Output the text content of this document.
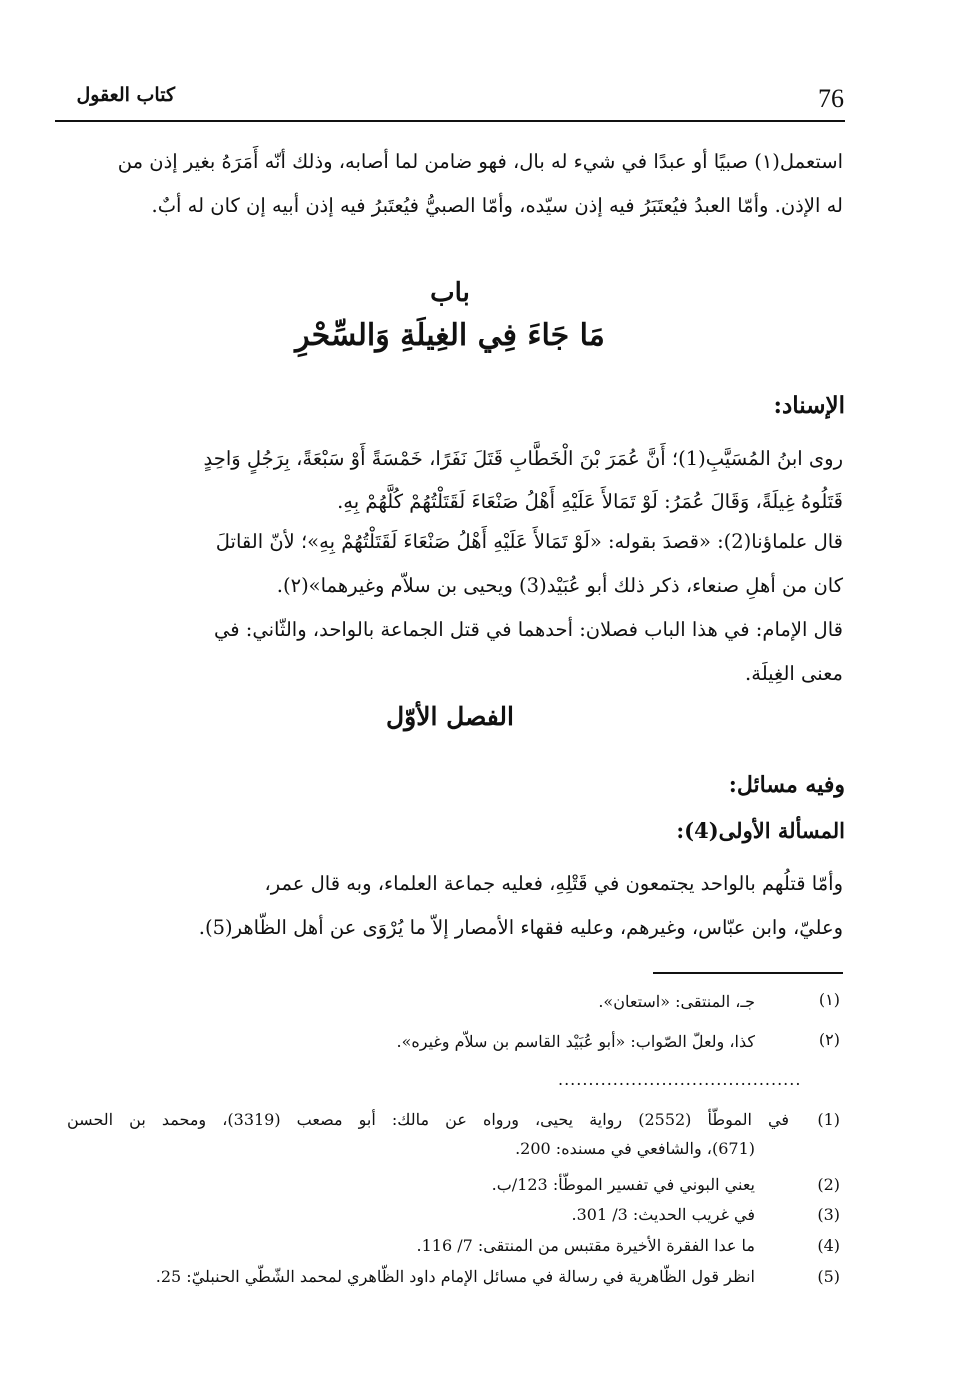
76
كتاب العقول
استعمل(١) صبيًا أو عبدًا في شيء له بال، فهو ضامن لما أصابه، وذلك أنّه أَمَرَهُ بغير إذن من
له الإذن. وأمّا العبدُ فيُعتَبَرُ فيه إذن سيّده، وأمّا الصبيُّ فيُعتَبرُ فيه إذن أبيه إن كان له أبٌ.
باب
مَا جَاءَ فِي الغِيلَةِ وَالسِّحْرِ
الإسناد:
روى ابنُ المُسَيَّبِ(1)؛ أَنَّ عُمَرَ بْنَ الْخَطَّابِ قَتَلَ نَفَرًا، خَمْسَةً أَوْ سَبْعَةً، بِرَجُلٍ وَاحِدٍ
قَتَلُوهُ غِيلَةً، وَقَالَ عُمَرُ: لَوْ تَمَالأَ عَلَيْهِ أَهْلُ صَنْعَاءَ لَقَتَلْتُهُمْ كُلَّهُمْ بِهِ.
قال علماؤنا(2): «قصدَ بقوله: «لَوْ تَمَالأَ عَلَيْهِ أَهْلُ صَنْعَاءَ لَقَتَلْتُهُمْ بِهِ»؛ لأنّ القاتلَ
كان من أهلِ صنعاء، ذكر ذلك أبو عُبَيْد(3) ويحيى بن سلاّم وغيرهما»(٢).
قال الإمام: في هذا الباب فصلان: أحدهما في قتل الجماعة بالواحد، والثّاني: في
معنى الغِيلَة.
الفصل الأوّل
وفيه مسائل:
المسألة الأولى(4):
وأمّا قتلُهم بالواحد يجتمعون في قَتْلِهِ، فعليه جماعة العلماء، وبه قال عمر،
وعليّ، وابن عبّاس، وغيرهم، وعليه فقهاء الأمصار إلاّ ما يُرْوَى عن أهل الظّاهر(5).
(١)
جـ، المنتقى: «استعان».
(٢)
كذا، ولعلّ الصّواب: «أبو عُبَيْد القاسم بن سلاّم وغيره».
........................................
(1)
في الموطّأ (2552) رواية يحيى، ورواه عن مالك: أبو مصعب (3319)، ومحمد بن الحسن
(671)، والشافعي في مسنده: 200.
(2)
يعني البوني في تفسير الموطّأ: 123/ب.
(3)
في غريب الحديث: 3/ 301.
(4)
ما عدا الفقرة الأخيرة مقتبس من المنتقى: 7/ 116.
(5)
انظر قول الظّاهرية في رسالة في مسائل الإمام داود الظّاهري لمحمد الشّطّي الحنبليّ: 25.
